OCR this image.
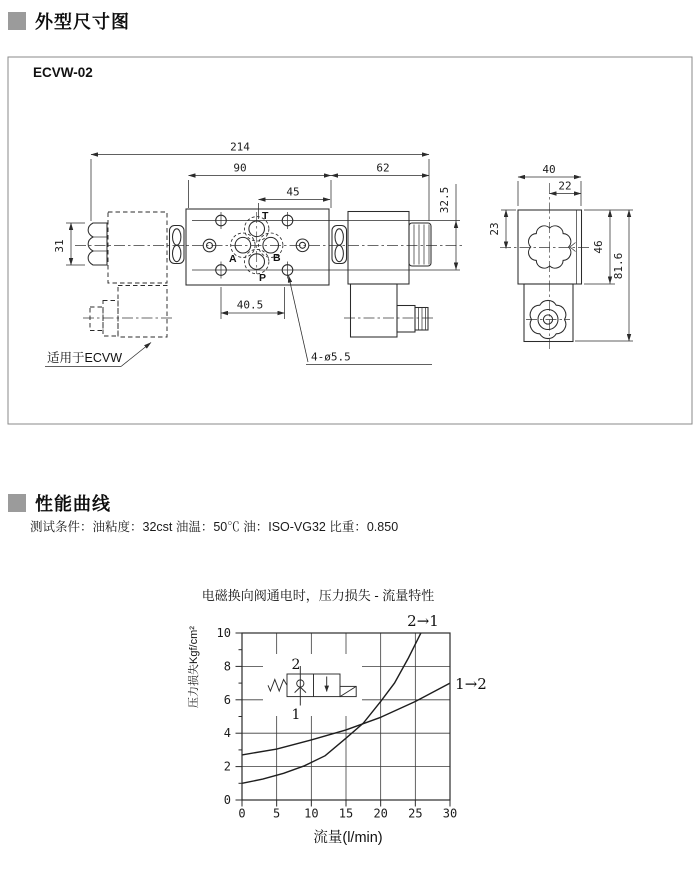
外型尺寸图
性能曲线
测试条件：油粘度：32cst 油温：50℃ 油：ISO-VG32 比重：0.850
ECVW-02
T
A	B
P
214
90	62
45
31
32.5
40.5
4-ø5.5
适用于ECVW
40
22
23
46
81.6
电磁换向阀通电时，压力损失 - 流量特性
2
1
0 5 10 15 20 25 30
0
2
4
6
8
10
流量(l/min)
压力损失Kgf/cm²
2→1
1→2
